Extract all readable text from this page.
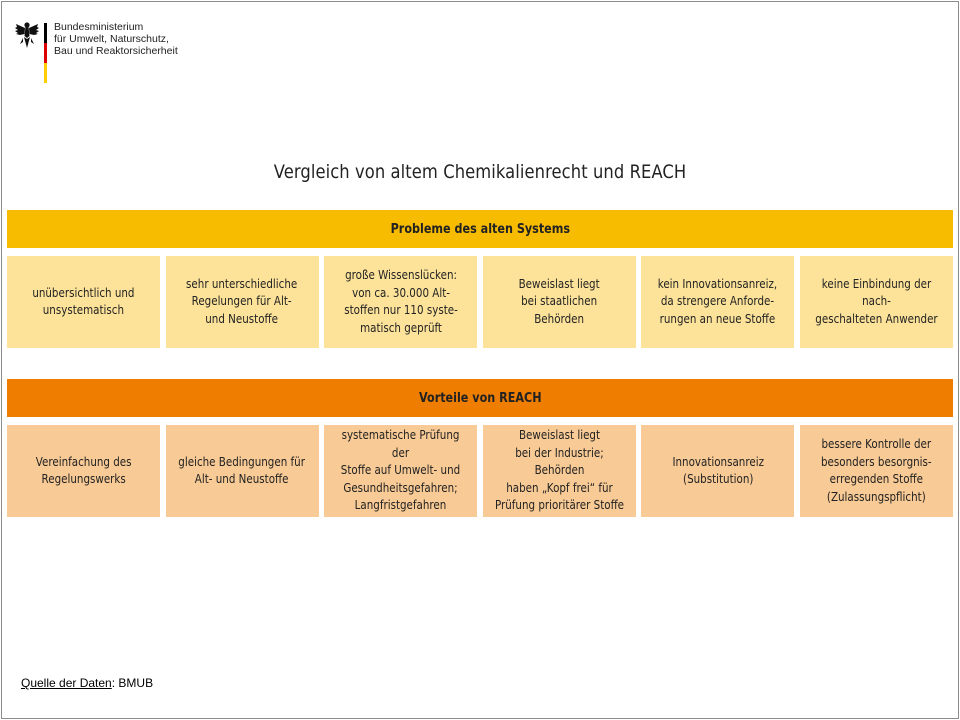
Bundesministerium
für Umwelt, Naturschutz,
Bau und Reaktorsicherheit
Vergleich von altem Chemikalienrecht und REACH
Probleme des alten Systems
unübersichtlich und
unsystematisch
sehr unterschiedliche
Regelungen für Alt-
und Neustoffe
große Wissenslücken:
von ca. 30.000 Alt-
stoffen nur 110 syste-
matisch geprüft
Beweislast liegt
bei staatlichen
Behörden
kein Innovationsanreiz,
da strengere Anforde-
rungen an neue Stoffe
keine Einbindung der nach-
geschalteten Anwender
Vorteile von REACH
Vereinfachung des
Regelungswerks
gleiche Bedingungen für
Alt- und Neustoffe
systematische Prüfung der
Stoffe auf Umwelt- und
Gesundheitsgefahren;
Langfristgefahren
Beweislast liegt
bei der Industrie; Behörden
haben „Kopf frei“ für
Prüfung prioritärer Stoffe
Innovationsanreiz
(Substitution)
bessere Kontrolle der
besonders besorgnis-
erregenden Stoffe
(Zulassungspflicht)
Quelle der Daten: BMUB
